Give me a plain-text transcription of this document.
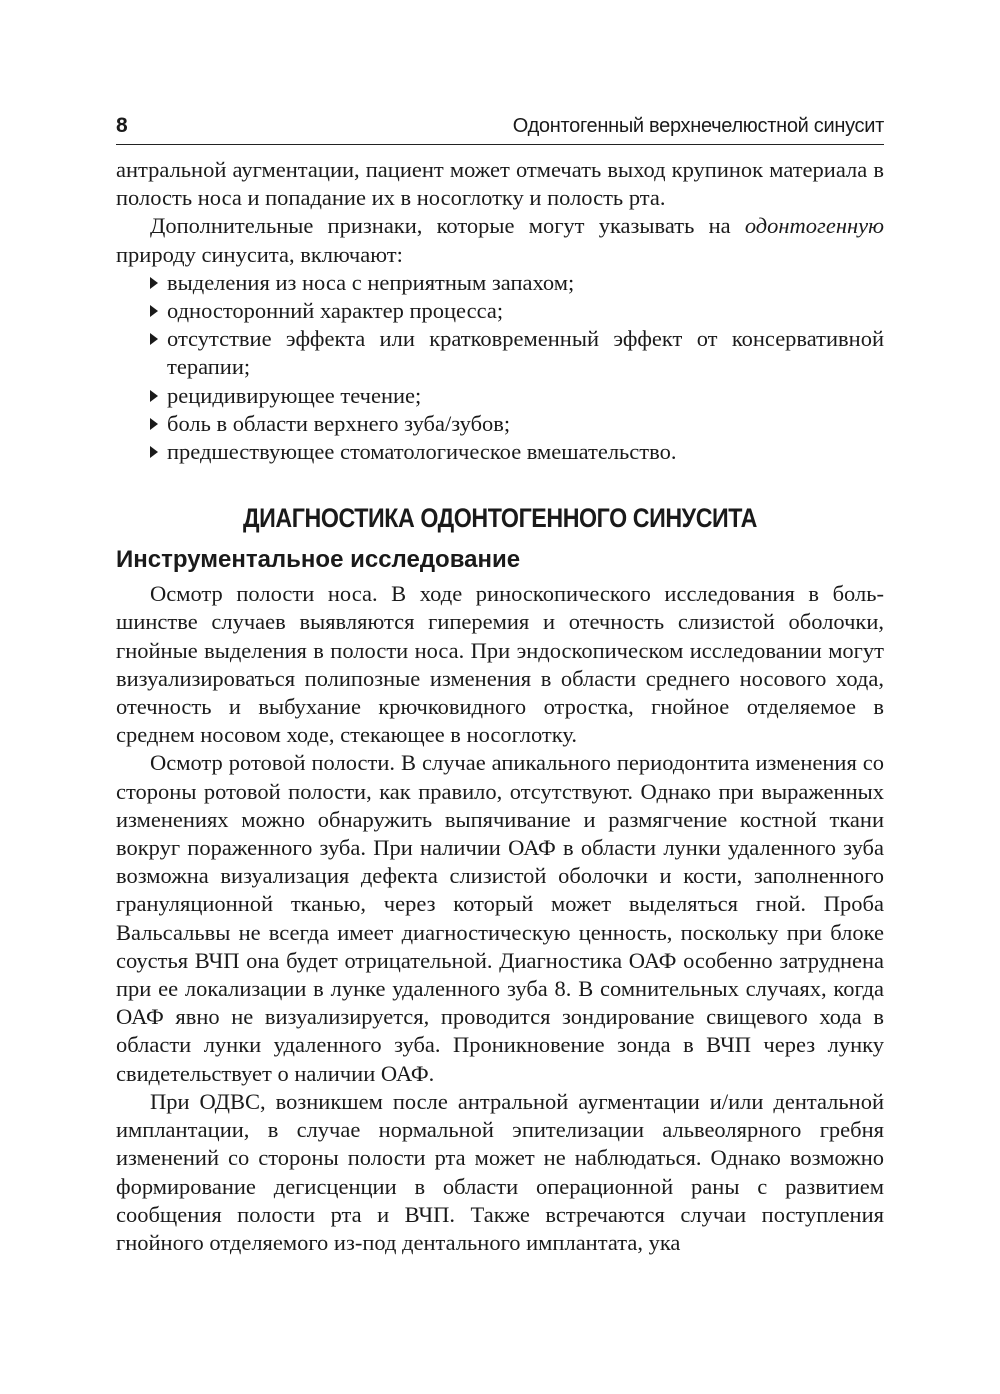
8	Одонтогенный верхнечелюстной синусит

антральной аугментации, пациент может отмечать выход крупинок материала в полость носа и попадание их в носоглотку и полость рта.

Дополнительные признаки, которые могут указывать на одонтогенную природу синусита, включают:

выделения из носа с неприятным запахом;
односторонний характер процесса;
отсутствие эффекта или кратковременный эффект от консервативной терапии;
рецидивирующее течение;
боль в области верхнего зуба/зубов;
предшествующее стоматологическое вмешательство.
ДИАГНОСТИКА ОДОНТОГЕННОГО СИНУСИТА
Инструментальное исследование

Осмотр полости носа. В ходе риноскопического исследования в большинстве случаев выявляются гиперемия и отечность слизистой оболочки, гнойные выделения в полости носа. При эндоскопическом исследовании могут визуализироваться полипозные изменения в области среднего носового хода, отечность и выбухание крючковидного отростка, гнойное отделяемое в среднем носовом ходе, стекающее в носоглотку.

Осмотр ротовой полости. В случае апикального периодонтита изменения со стороны ротовой полости, как правило, отсутствуют. Однако при выраженных изменениях можно обнаружить выпячивание и размягчение костной ткани вокруг пораженного зуба. При наличии ОАФ в области лунки удаленного зуба возможна визуализация дефекта слизистой оболочки и кости, заполненного грануляционной тканью, через который может выделяться гной. Проба Вальсальвы не всегда имеет диагностическую ценность, поскольку при блоке соустья ВЧП она будет отрицательной. Диагностика ОАФ особенно затруднена при ее локализации в лунке удаленного зуба 8. В сомнительных случаях, когда ОАФ явно не визуализируется, проводится зондирование свищевого хода в области лунки удаленного зуба. Проникновение зонда в ВЧП через лунку свидетельствует о наличии ОАФ.

При ОДВС, возникшем после антральной аугментации и/или дентальной имплантации, в случае нормальной эпителизации альвеолярного гребня изменений со стороны полости рта может не наблюдаться. Однако возможно формирование дегисценции в области операционной раны с развитием сообщения полости рта и ВЧП. Также встречаются случаи поступления гнойного отделяемого из-под дентального имплантата, ука
